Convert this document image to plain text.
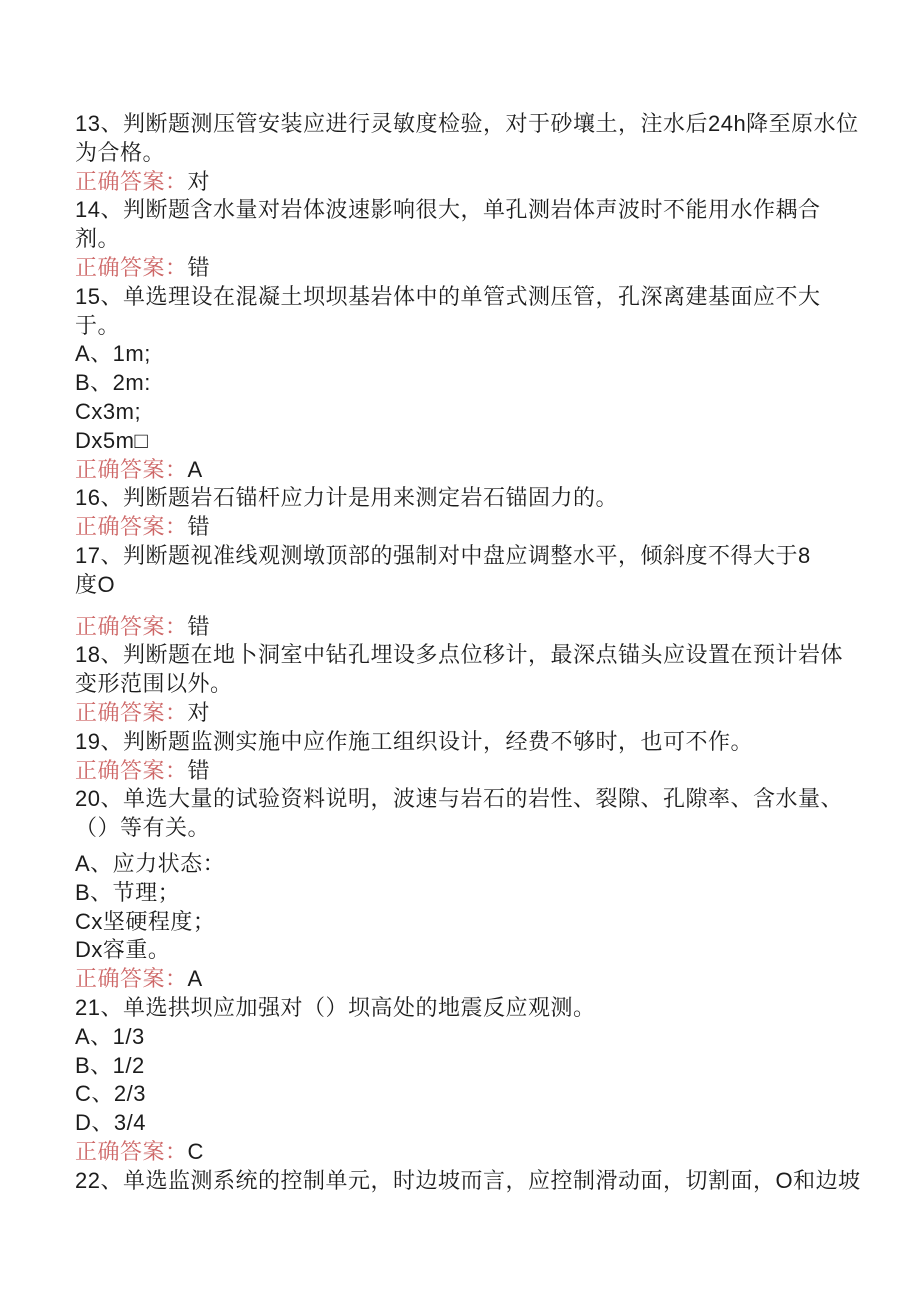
13、判断题测压管安装应进行灵敏度检验，对于砂壤土，注水后24h降至原水位
为合格。
正确答案：对
14、判断题含水量对岩体波速影响很大，单孔测岩体声波时不能用水作耦合
剂。
正确答案：错
15、单选理设在混凝土坝坝基岩体中的单管式测压管，孔深离建基面应不大
于。
A、1m;
B、2m:
Cx3m;
Dx5m□
正确答案：A
16、判断题岩石锚杆应力计是用来测定岩石锚固力的。
正确答案：错
17、判断题视准线观测墩顶部的强制对中盘应调整水平，倾斜度不得大于8
度O
正确答案：错
18、判断题在地卜洞室中钻孔埋设多点位移计，最深点锚头应设置在预计岩体
变形范围以外。
正确答案：对
19、判断题监测实施中应作施工组织设计，经费不够时，也可不作。
正确答案：错
20、单选大量的试验资料说明，波速与岩石的岩性、裂隙、孔隙率、含水量、
（）等有关。
A、应力状态：
B、节理；
Cx坚硬程度；
Dx容重。
正确答案：A
21、单选拱坝应加强对（）坝高处的地震反应观测。
A、1/3
B、1/2
C、2/3
D、3/4
正确答案：C
22、单选监测系统的控制单元，时边坡而言，应控制滑动面，切割面，O和边坡
